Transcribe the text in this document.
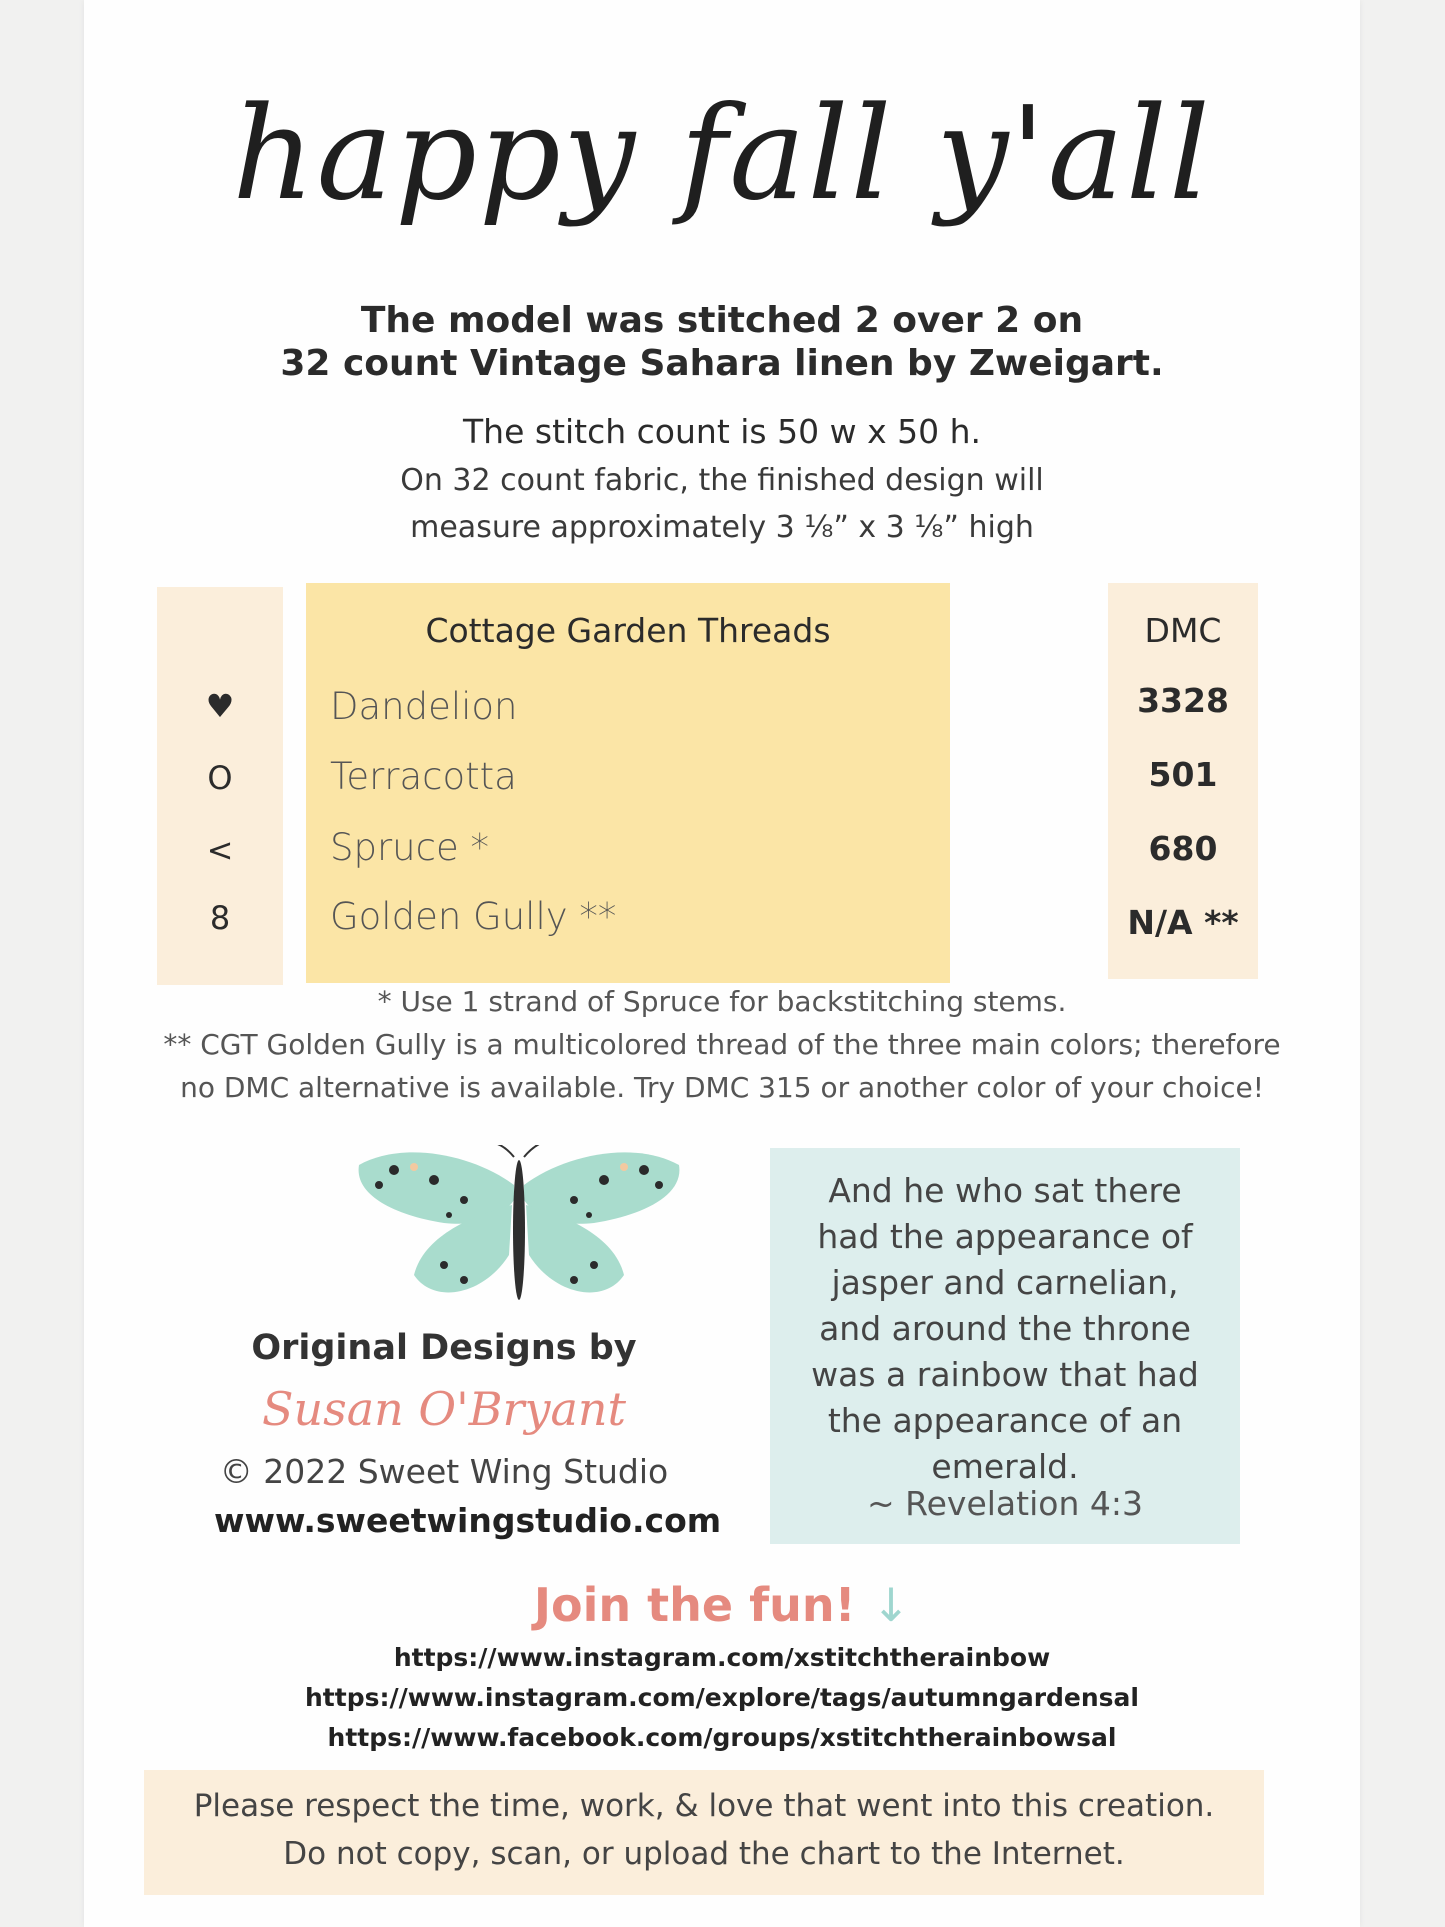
happy fall y'all
The model was stitched 2 over 2 on
32 count Vintage Sahara linen by Zweigart.
The stitch count is 50 w x 50 h.
On 32 count fabric, the finished design will
measure approximately 3 ⅛” x 3 ⅛” high
♥
O
<
8
Cottage Garden Threads
Dandelion
Terracotta
Spruce *
Golden Gully **
DMC
3328
501
680
N/A **
* Use 1 strand of Spruce for backstitching stems.
** CGT Golden Gully is a multicolored thread of the three main colors; therefore
no DMC alternative is available. Try DMC 315 or another color of your choice!
Original Designs by
Susan O'Bryant
© 2022 Sweet Wing Studio
www.sweetwingstudio.com
And he who sat there
had the appearance of
jasper and carnelian,
and around the throne
was a rainbow that had
the appearance of an
emerald.
~ Revelation 4:3
Join the fun! ↓
https://www.instagram.com/xstitchtherainbow
https://www.instagram.com/explore/tags/autumngardensal
https://www.facebook.com/groups/xstitchtherainbowsal
Please respect the time, work, & love that went into this creation.
Do not copy, scan, or upload the chart to the Internet.
